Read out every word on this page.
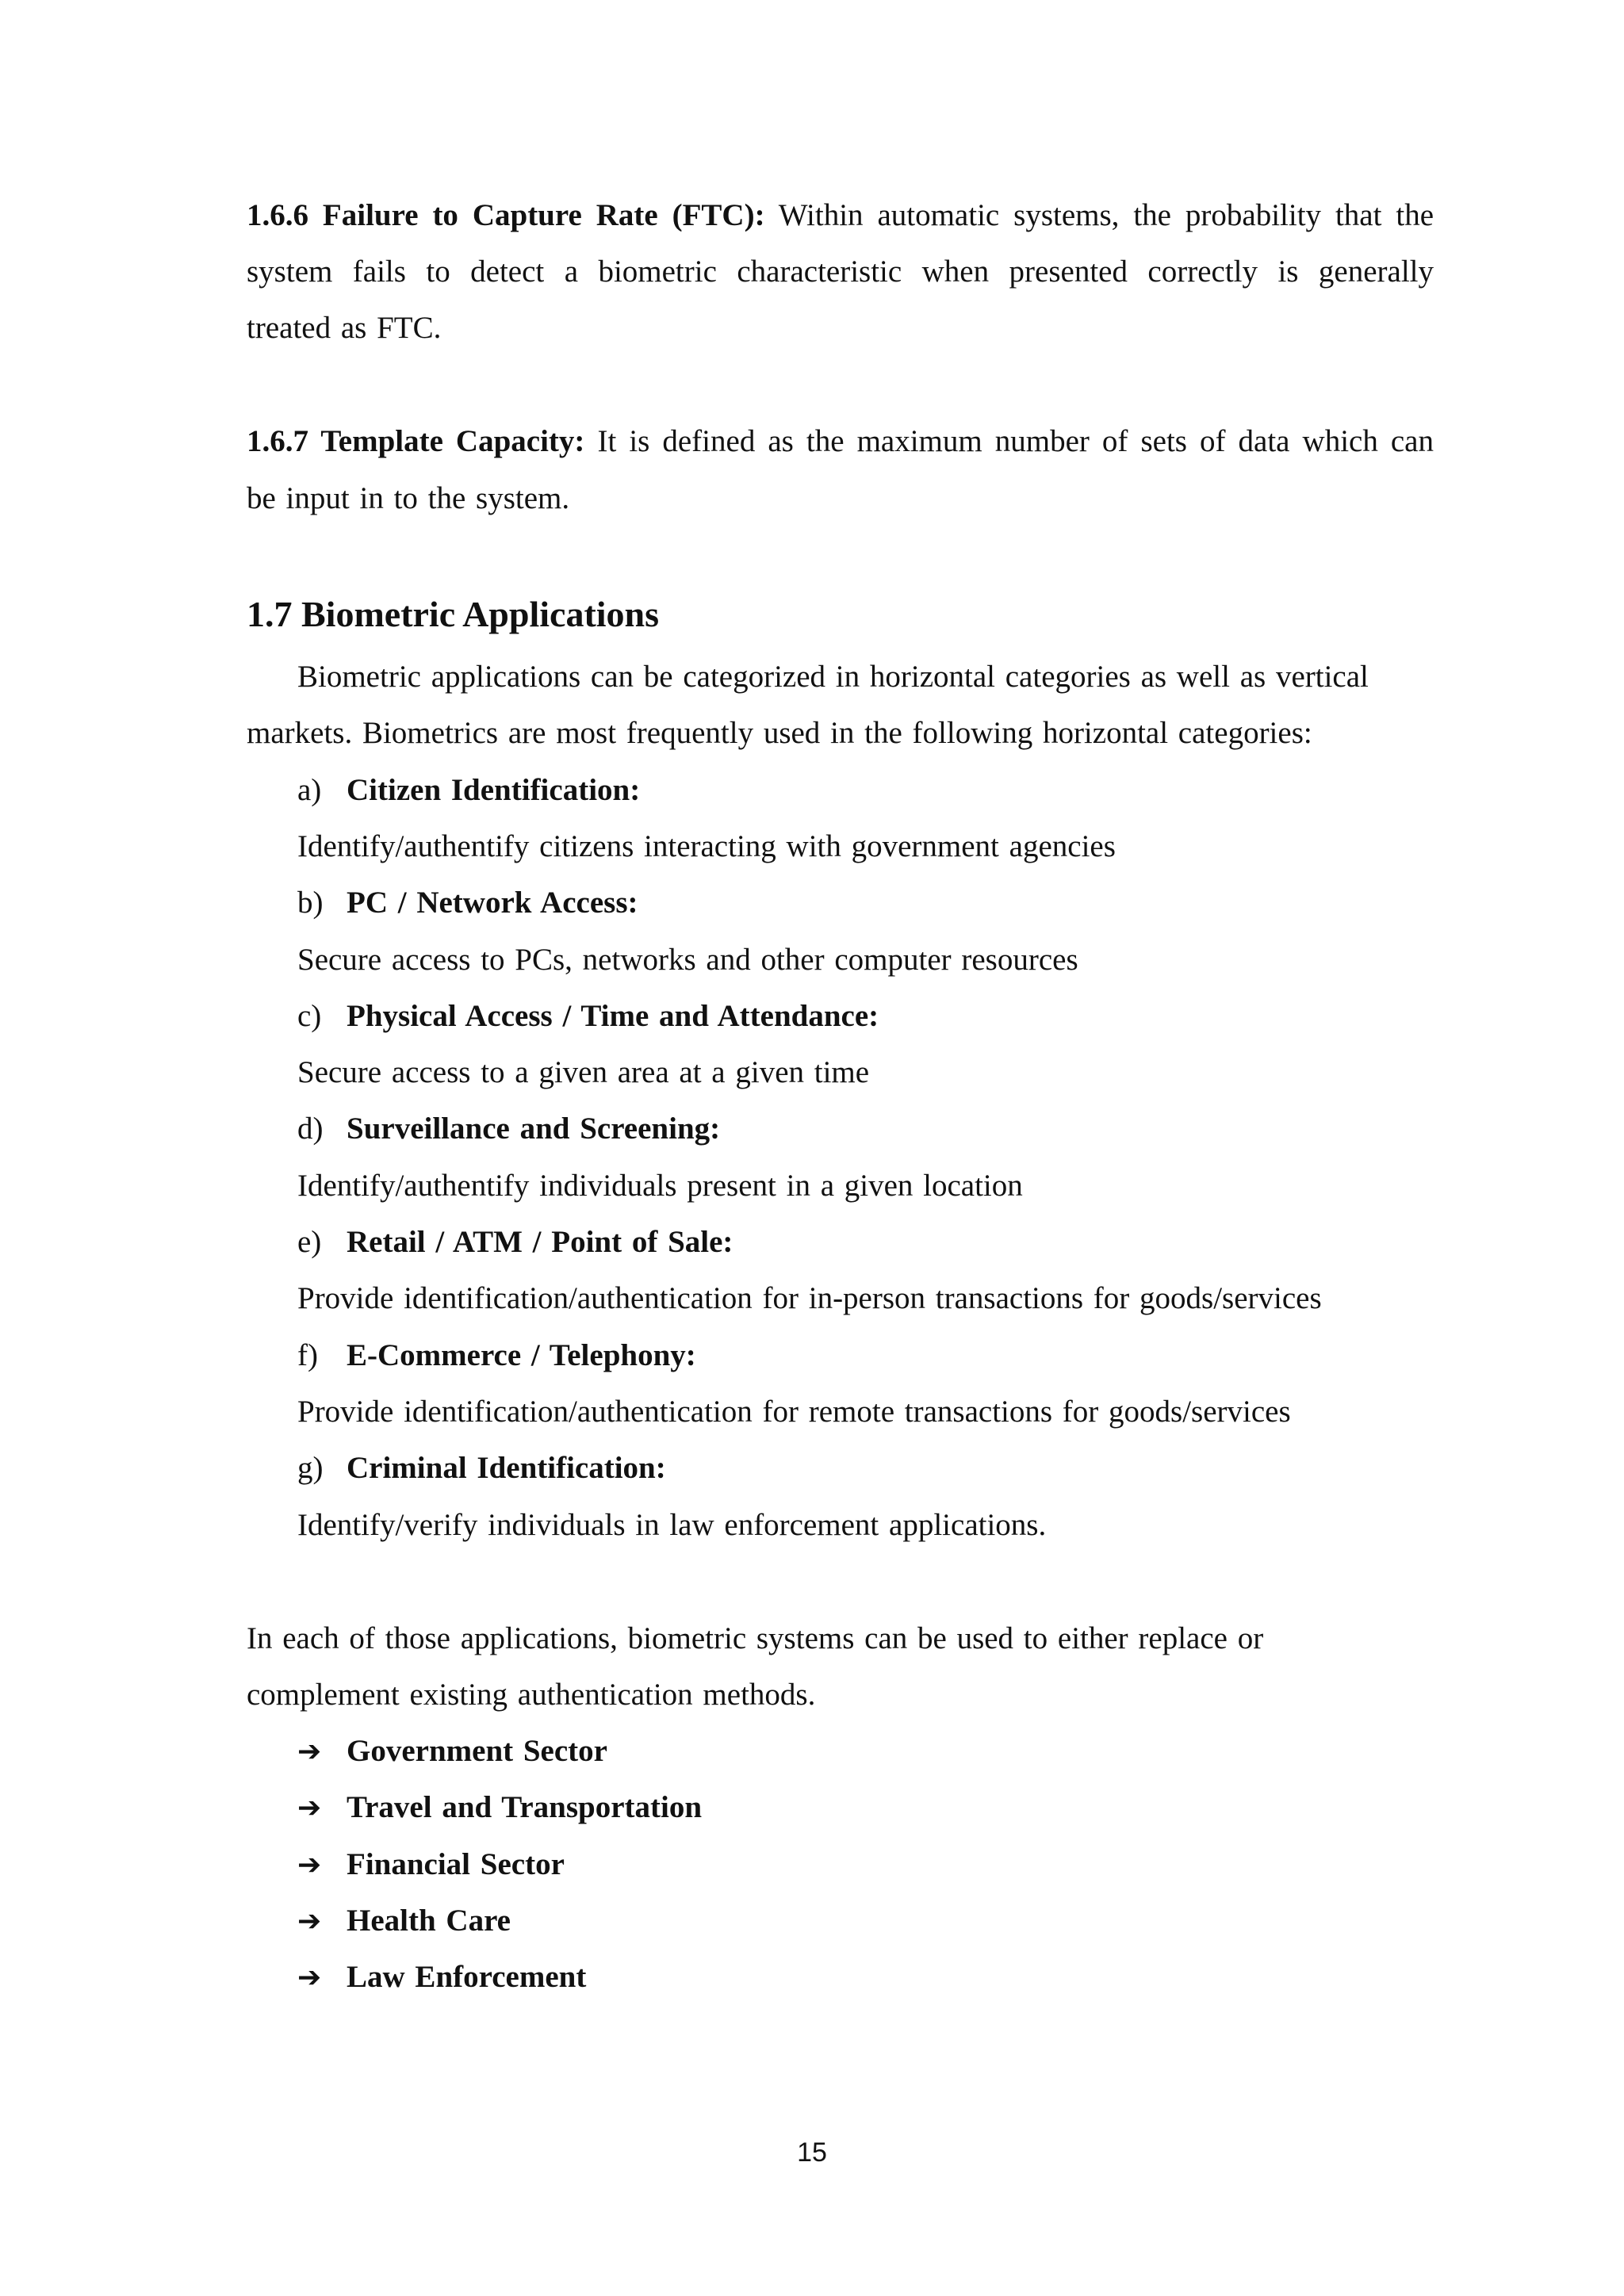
1.6.6 Failure to Capture Rate (FTC): Within automatic systems, the probability that the
system fails to detect a biometric characteristic when presented correctly is generally
treated as FTC.
1.6.7 Template Capacity: It is defined as the maximum number of sets of data which can
be input in to the system.
1.7 Biometric Applications
Biometric applications can be categorized in horizontal categories as well as vertical
markets. Biometrics are most frequently used in the following horizontal categories:
a) Citizen Identification:
Identify/authentify citizens interacting with government agencies
b) PC / Network Access:
Secure access to PCs, networks and other computer resources
c) Physical Access / Time and Attendance:
Secure access to a given area at a given time
d) Surveillance and Screening:
Identify/authentify individuals present in a given location
e) Retail / ATM / Point of Sale:
Provide identification/authentication for in-person transactions for goods/services
f) E-Commerce / Telephony:
Provide identification/authentication for remote transactions for goods/services
g) Criminal Identification:
Identify/verify individuals in law enforcement applications.
In each of those applications, biometric systems can be used to either replace or
complement existing authentication methods.
➔ Government Sector
➔ Travel and Transportation
➔ Financial Sector
➔ Health Care
➔ Law Enforcement
15
